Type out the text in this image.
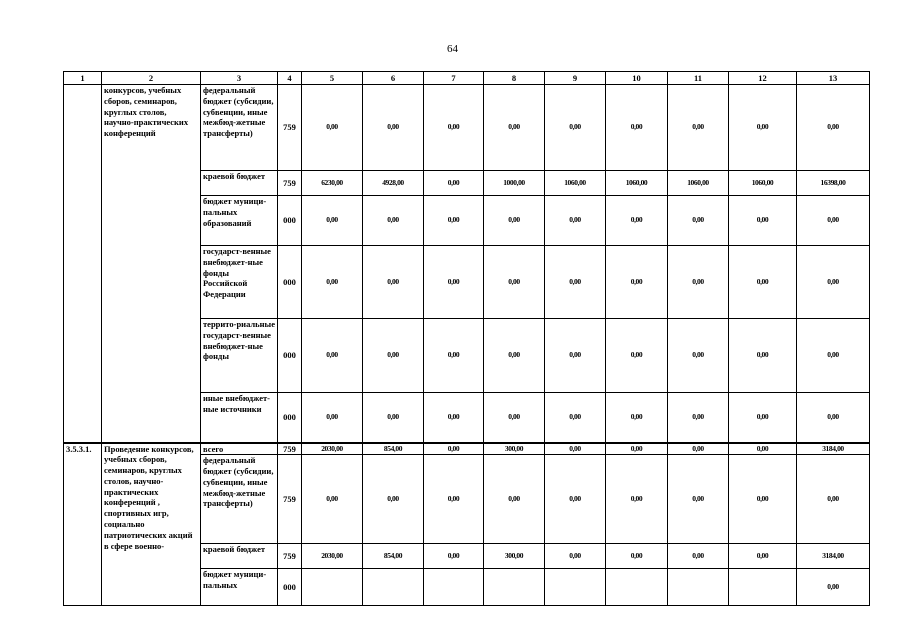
64
1	2	3	4	5	6	7	8	9	10	11	12	13
	конкурсов, учебных сборов, семинаров, круглых столов, научно-практических конференций	федеральный бюджет (субсидии, субвенции, иные межбюд-жетные трансферты)	759	0,00	0,00	0,00	0,00	0,00	0,00	0,00	0,00	0,00
		краевой бюджет	759	6230,00	4928,00	0,00	1000,00	1060,00	1060,00	1060,00	1060,00	16398,00
		бюджет муници-пальных образований	000	0,00	0,00	0,00	0,00	0,00	0,00	0,00	0,00	0,00
		государст-венные внебюджет-ные фонды Российской Федерации	000	0,00	0,00	0,00	0,00	0,00	0,00	0,00	0,00	0,00
		террито-риальные государст-венные внебюджет-ные фонды	000	0,00	0,00	0,00	0,00	0,00	0,00	0,00	0,00	0,00
		иные внебюджет-ные источники	000	0,00	0,00	0,00	0,00	0,00	0,00	0,00	0,00	0,00
3.5.3.1.	Проведение конкурсов, учебных сборов, семинаров, круглых столов, научно-практических конференций , спортивных игр, социально патриотических акций в сфере военно-	всего	759	2030,00	854,00	0,00	300,00	0,00	0,00	0,00	0,00	3184,00
		федеральный бюджет (субсидии, субвенции, иные межбюд-жетные трансферты)	759	0,00	0,00	0,00	0,00	0,00	0,00	0,00	0,00	0,00
		краевой бюджет	759	2030,00	854,00	0,00	300,00	0,00	0,00	0,00	0,00	3184,00
		бюджет муници-пальных	000									0,00
